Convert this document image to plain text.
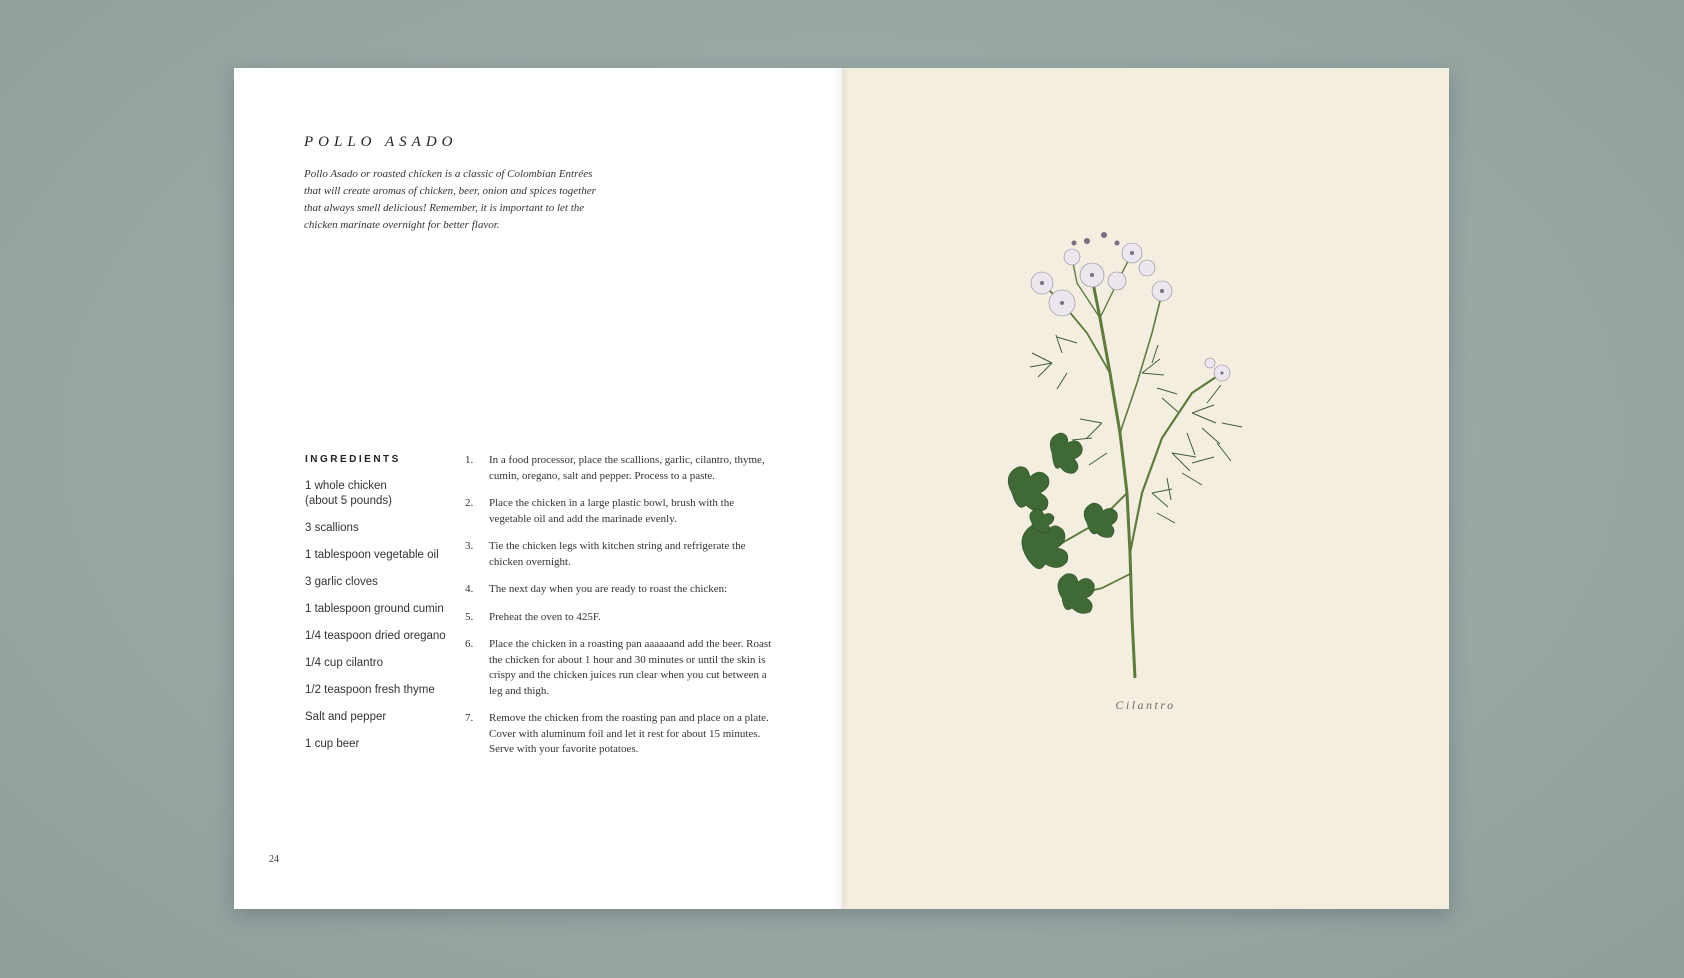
POLLO ASADO
Pollo Asado or roasted chicken is a classic of Colombian Entrées that will create aromas of chicken, beer, onion and spices together that always smell delicious! Remember, it is important to let the chicken marinate overnight for better flavor.
INGREDIENTS
1 whole chicken
(about 5 pounds)
3 scallions
1 tablespoon vegetable oil
3 garlic cloves
1 tablespoon ground cumin
1/4 teaspoon dried oregano
1/4 cup cilantro
1/2 teaspoon fresh thyme
Salt and pepper
1 cup beer
1. In a food processor, place the scallions, garlic, cilantro, thyme, cumin, oregano, salt and pepper. Process to a paste.
2. Place the chicken in a large plastic bowl, brush with the vegetable oil and add the marinade evenly.
3. Tie the chicken legs with kitchen string and refrigerate the chicken overnight.
4. The next day when you are ready to roast the chicken:
5. Preheat the oven to 425F.
6. Place the chicken in a roasting pan aaaaaand add the beer. Roast the chicken for about 1 hour and 30 minutes or until the skin is crispy and the chicken juices run clear when you cut between a leg and thigh.
7. Remove the chicken from the roasting pan and place on a plate. Cover with aluminum foil and let it rest for about 15 minutes. Serve with your favorite potatoes.
24
Cilantro
